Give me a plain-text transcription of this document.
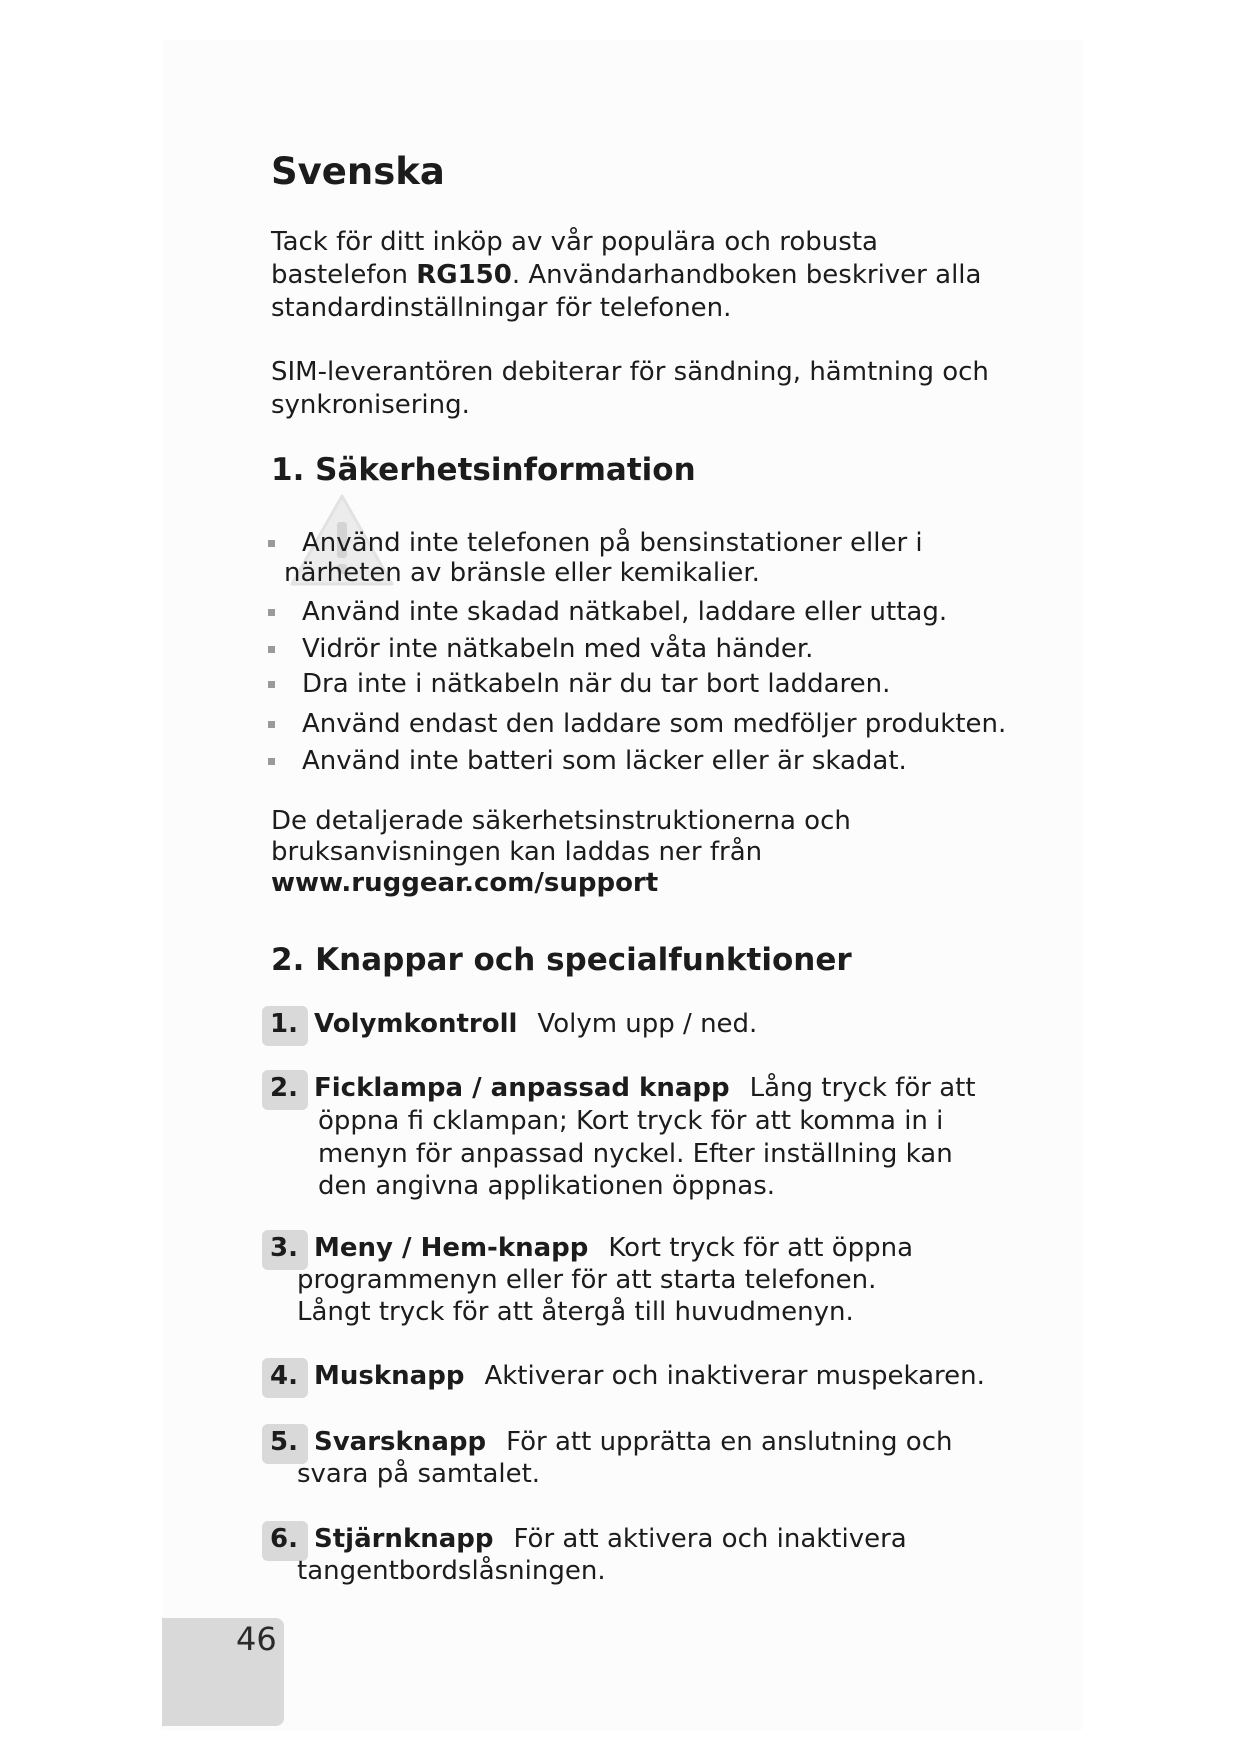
Svenska

Tack för ditt inköp av vår populära och robusta bastelefon RG150. Användarhandboken beskriver alla standardinställningar för telefonen.

SIM-leverantören debiterar för sändning, hämtning och synkronisering.

1. Säkerhetsinformation
Använd inte telefonen på bensinstationer eller i
närheten av bränsle eller kemikalier.
Använd inte skadad nätkabel, laddare eller uttag.
Vidrör inte nätkabeln med våta händer.
Dra inte i nätkabeln när du tar bort laddaren.
Använd endast den laddare som medföljer produkten.
Använd inte batteri som läcker eller är skadat.

De detaljerade säkerhetsinstruktionerna och
bruksanvisningen kan laddas ner från
www.ruggear.com/support

2. Knappar och specialfunktioner
1. Volymkontroll Volym upp / ned.
2. Ficklampa / anpassad knapp Lång tryck för att
öppna fi cklampan; Kort tryck för att komma in i
menyn för anpassad nyckel. Efter inställning kan
den angivna applikationen öppnas.
3. Meny / Hem-knapp Kort tryck för att öppna
programmenyn eller för att starta telefonen.
Långt tryck för att återgå till huvudmenyn.
4. Musknapp Aktiverar och inaktiverar muspekaren.
5. Svarsknapp För att upprätta en anslutning och
svara på samtalet.
6. Stjärnknapp För att aktivera och inaktivera
tangentbordslåsningen.
46
